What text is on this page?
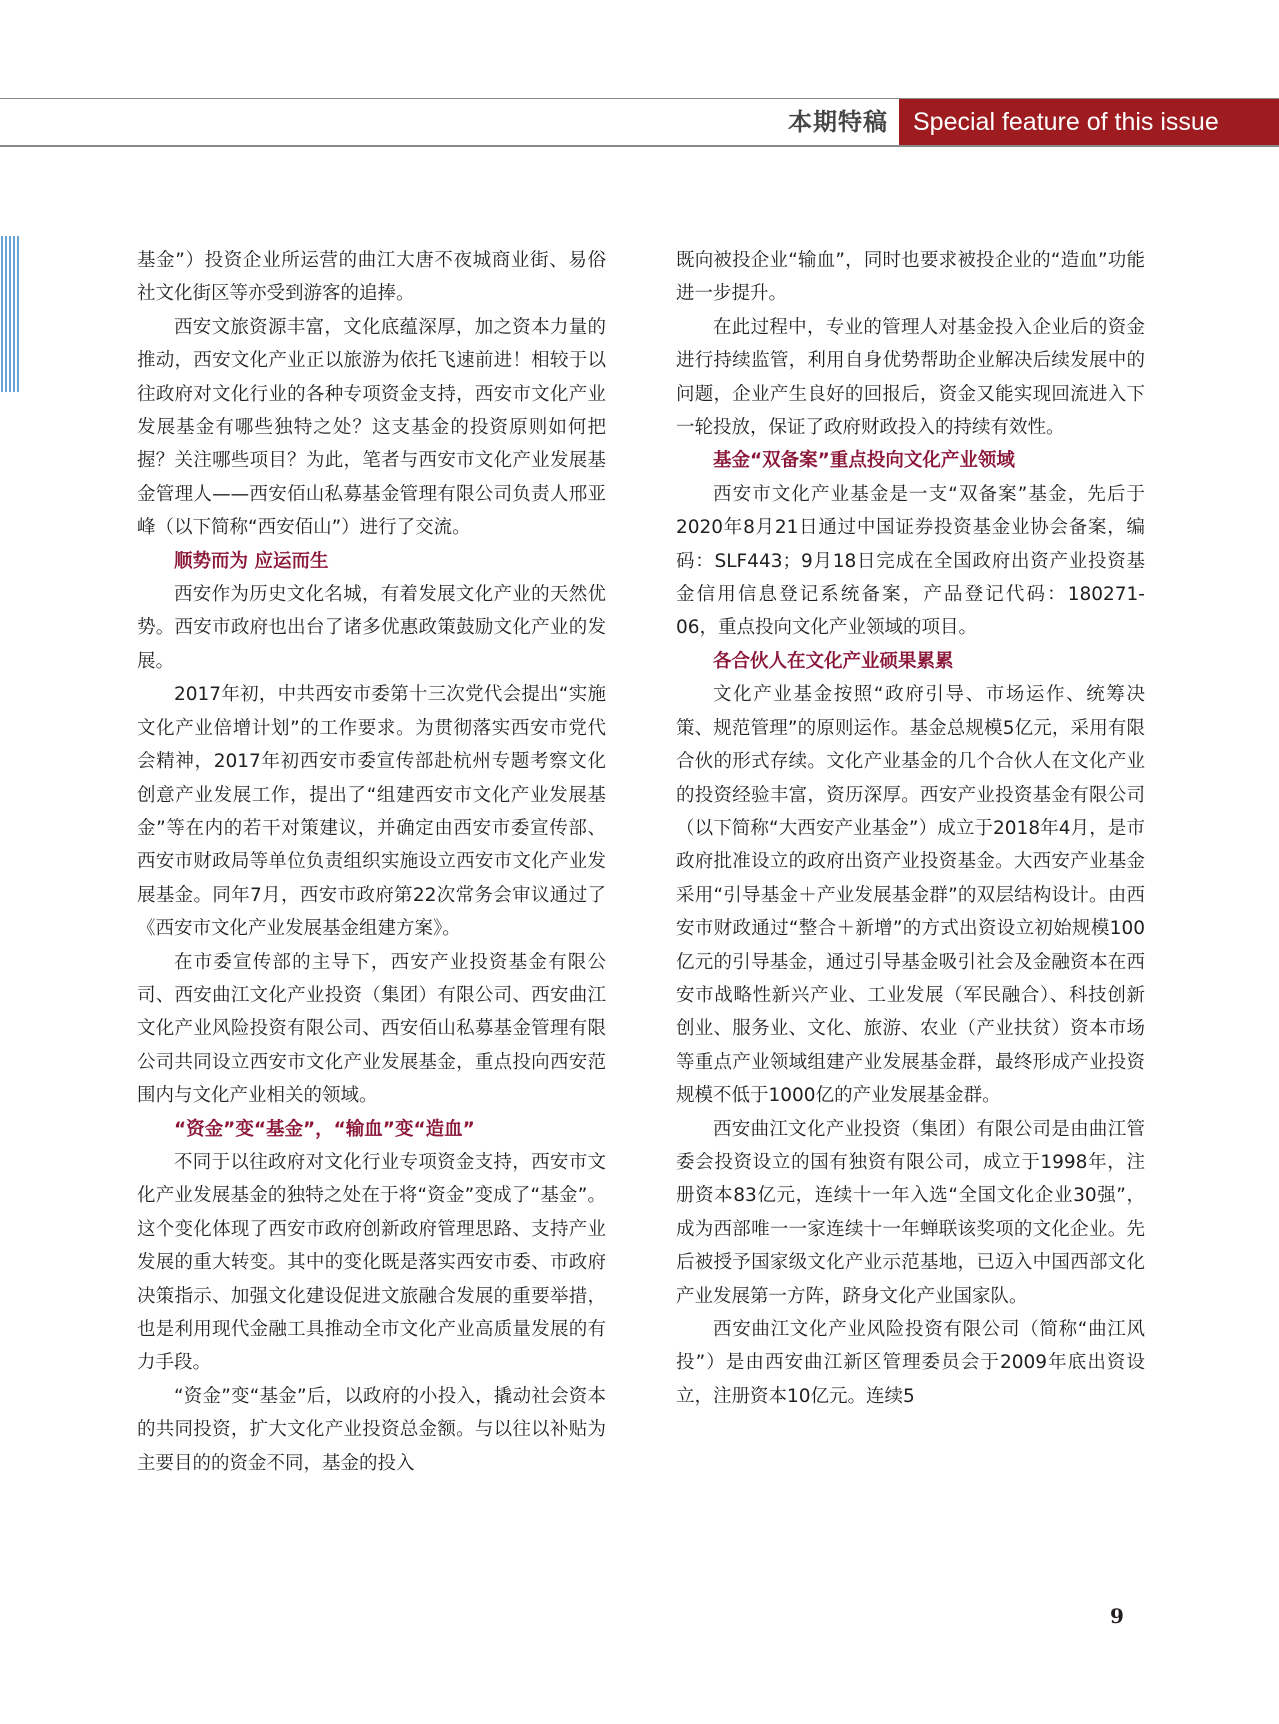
本期特稿	Special feature of this issue

基金”）投资企业所运营的曲江大唐不夜城商业街、易俗社文化街区等亦受到游客的追捧。

西安文旅资源丰富，文化底蕴深厚，加之资本力量的推动，西安文化产业正以旅游为依托飞速前进！相较于以往政府对文化行业的各种专项资金支持，西安市文化产业发展基金有哪些独特之处？这支基金的投资原则如何把握？关注哪些项目？为此，笔者与西安市文化产业发展基金管理人——西安佰山私募基金管理有限公司负责人邢亚峰（以下简称“西安佰山”）进行了交流。

顺势而为 应运而生

西安作为历史文化名城，有着发展文化产业的天然优势。西安市政府也出台了诸多优惠政策鼓励文化产业的发展。

2017年初，中共西安市委第十三次党代会提出“实施文化产业倍增计划”的工作要求。为贯彻落实西安市党代会精神，2017年初西安市委宣传部赴杭州专题考察文化创意产业发展工作，提出了“组建西安市文化产业发展基金”等在内的若干对策建议，并确定由西安市委宣传部、西安市财政局等单位负责组织实施设立西安市文化产业发展基金。同年7月，西安市政府第22次常务会审议通过了《西安市文化产业发展基金组建方案》。

在市委宣传部的主导下，西安产业投资基金有限公司、西安曲江文化产业投资（集团）有限公司、西安曲江文化产业风险投资有限公司、西安佰山私募基金管理有限公司共同设立西安市文化产业发展基金，重点投向西安范围内与文化产业相关的领域。

“资金”变“基金”，“输血”变“造血”

不同于以往政府对文化行业专项资金支持，西安市文化产业发展基金的独特之处在于将“资金”变成了“基金”。这个变化体现了西安市政府创新政府管理思路、支持产业发展的重大转变。其中的变化既是落实西安市委、市政府决策指示、加强文化建设促进文旅融合发展的重要举措，也是利用现代金融工具推动全市文化产业高质量发展的有力手段。

“资金”变“基金”后，以政府的小投入，撬动社会资本的共同投资，扩大文化产业投资总金额。与以往以补贴为主要目的的资金不同，基金的投入

既向被投企业“输血”，同时也要求被投企业的“造血”功能进一步提升。

在此过程中，专业的管理人对基金投入企业后的资金进行持续监管，利用自身优势帮助企业解决后续发展中的问题，企业产生良好的回报后，资金又能实现回流进入下一轮投放，保证了政府财政投入的持续有效性。

基金“双备案”重点投向文化产业领域

西安市文化产业基金是一支“双备案”基金，先后于2020年8月21日通过中国证券投资基金业协会备案，编码：SLF443；9月18日完成在全国政府出资产业投资基金信用信息登记系统备案，产品登记代码：180271-06，重点投向文化产业领域的项目。

各合伙人在文化产业硕果累累

文化产业基金按照“政府引导、市场运作、统筹决策、规范管理”的原则运作。基金总规模5亿元，采用有限合伙的形式存续。文化产业基金的几个合伙人在文化产业的投资经验丰富，资历深厚。西安产业投资基金有限公司（以下简称“大西安产业基金”）成立于2018年4月，是市政府批准设立的政府出资产业投资基金。大西安产业基金采用“引导基金＋产业发展基金群”的双层结构设计。由西安市财政通过“整合＋新增”的方式出资设立初始规模100亿元的引导基金，通过引导基金吸引社会及金融资本在西安市战略性新兴产业、工业发展（军民融合）、科技创新创业、服务业、文化、旅游、农业（产业扶贫）资本市场等重点产业领域组建产业发展基金群，最终形成产业投资规模不低于1000亿的产业发展基金群。

西安曲江文化产业投资（集团）有限公司是由曲江管委会投资设立的国有独资有限公司，成立于1998年，注册资本83亿元，连续十一年入选“全国文化企业30强”，成为西部唯一一家连续十一年蝉联该奖项的文化企业。先后被授予国家级文化产业示范基地，已迈入中国西部文化产业发展第一方阵，跻身文化产业国家队。

西安曲江文化产业风险投资有限公司（简称“曲江风投”）是由西安曲江新区管理委员会于2009年底出资设立，注册资本10亿元。连续5

9
